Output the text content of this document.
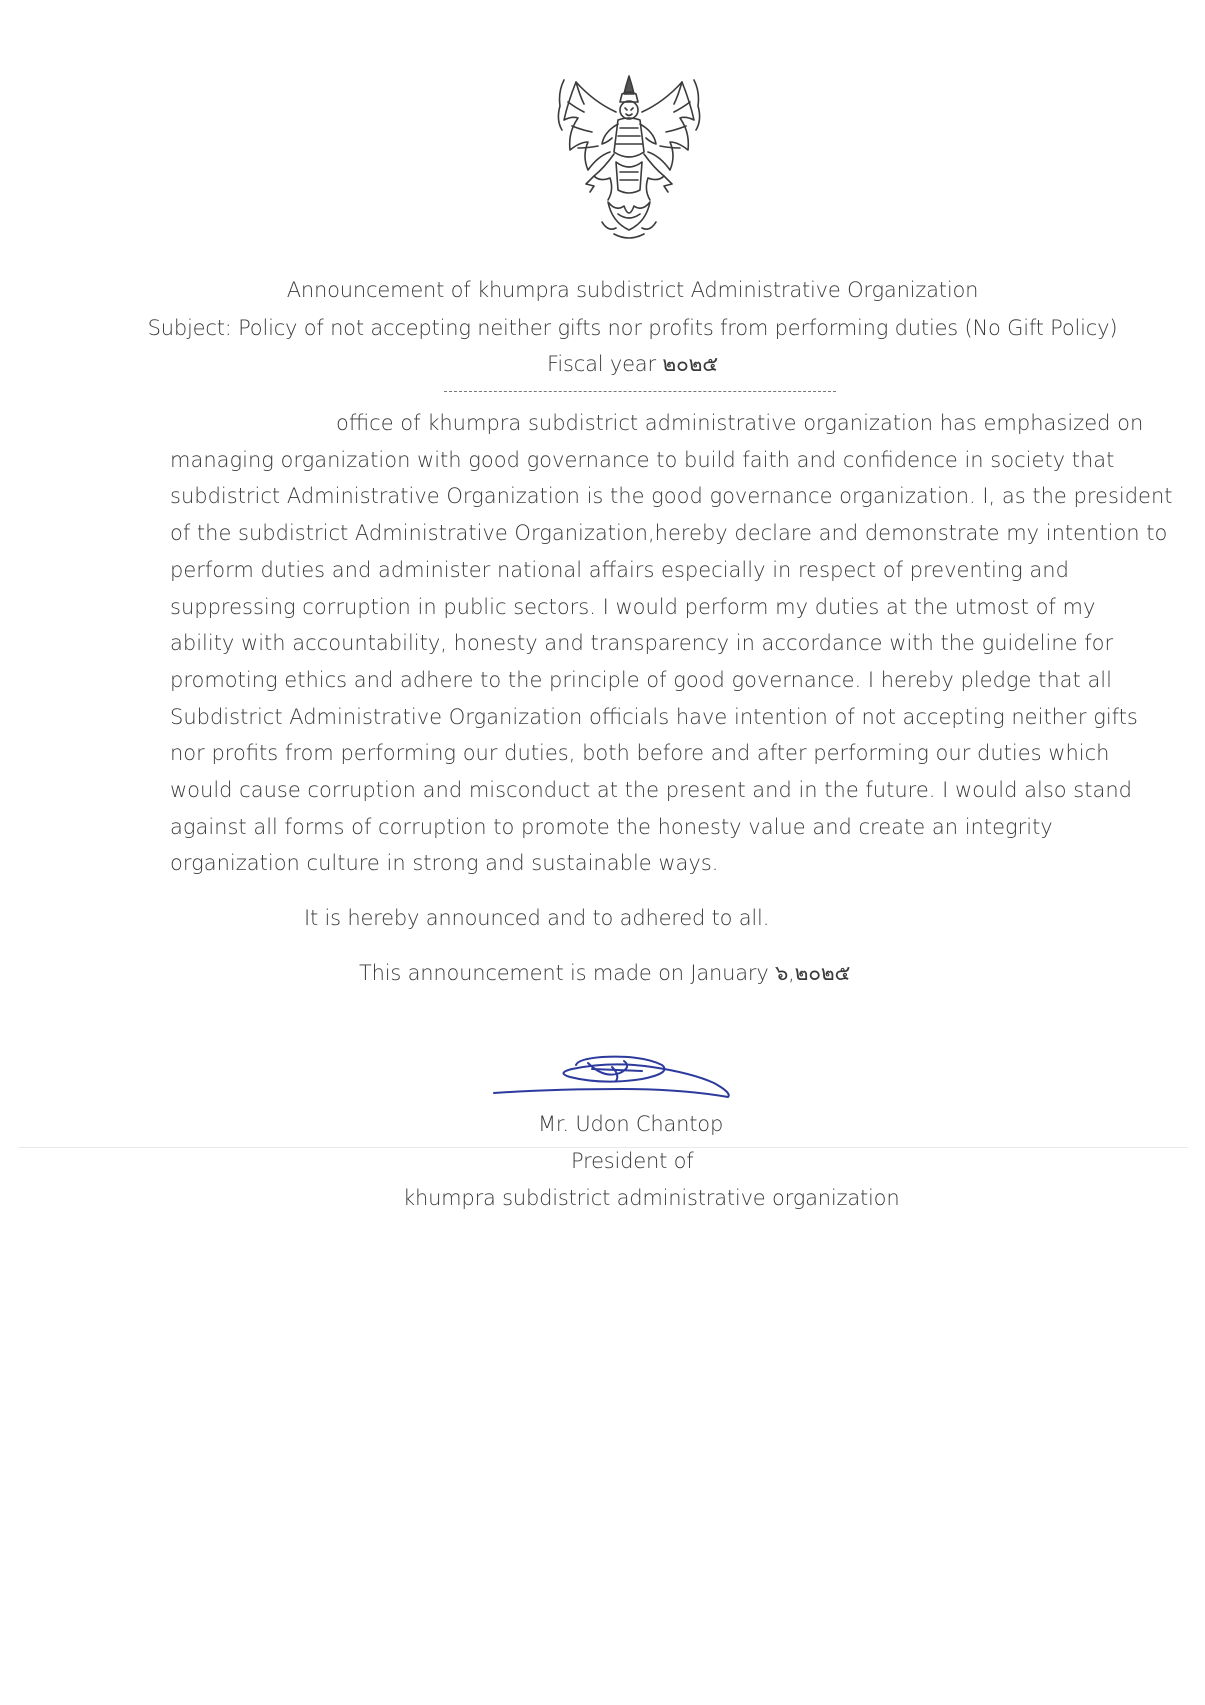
Announcement of khumpra subdistrict Administrative Organization
Subject: Policy of not accepting neither gifts nor profits from performing duties (No Gift Policy)
Fiscal year ๒๐๒๕
office of khumpra subdistrict administrative organization has emphasized on
managing organization with good governance to build faith and confidence in society that
subdistrict Administrative Organization is the good governance organization. I, as the president
of the subdistrict Administrative Organization,hereby declare and demonstrate my intention to
perform duties and administer national affairs especially in respect of preventing and
suppressing corruption in public sectors. I would perform my duties at the utmost of my
ability with accountability, honesty and transparency in accordance with the guideline for
promoting ethics and adhere to the principle of good governance. I hereby pledge that all
Subdistrict Administrative Organization officials have intention of not accepting neither gifts
nor profits from performing our duties, both before and after performing our duties which
would cause corruption and misconduct at the present and in the future. I would also stand
against all forms of corruption to promote the honesty value and create an integrity
organization culture in strong and sustainable ways.
It is hereby announced and to adhered to all.
This announcement is made on January ๖,๒๐๒๕
Mr. Udon Chantop
President of
khumpra subdistrict administrative organization
